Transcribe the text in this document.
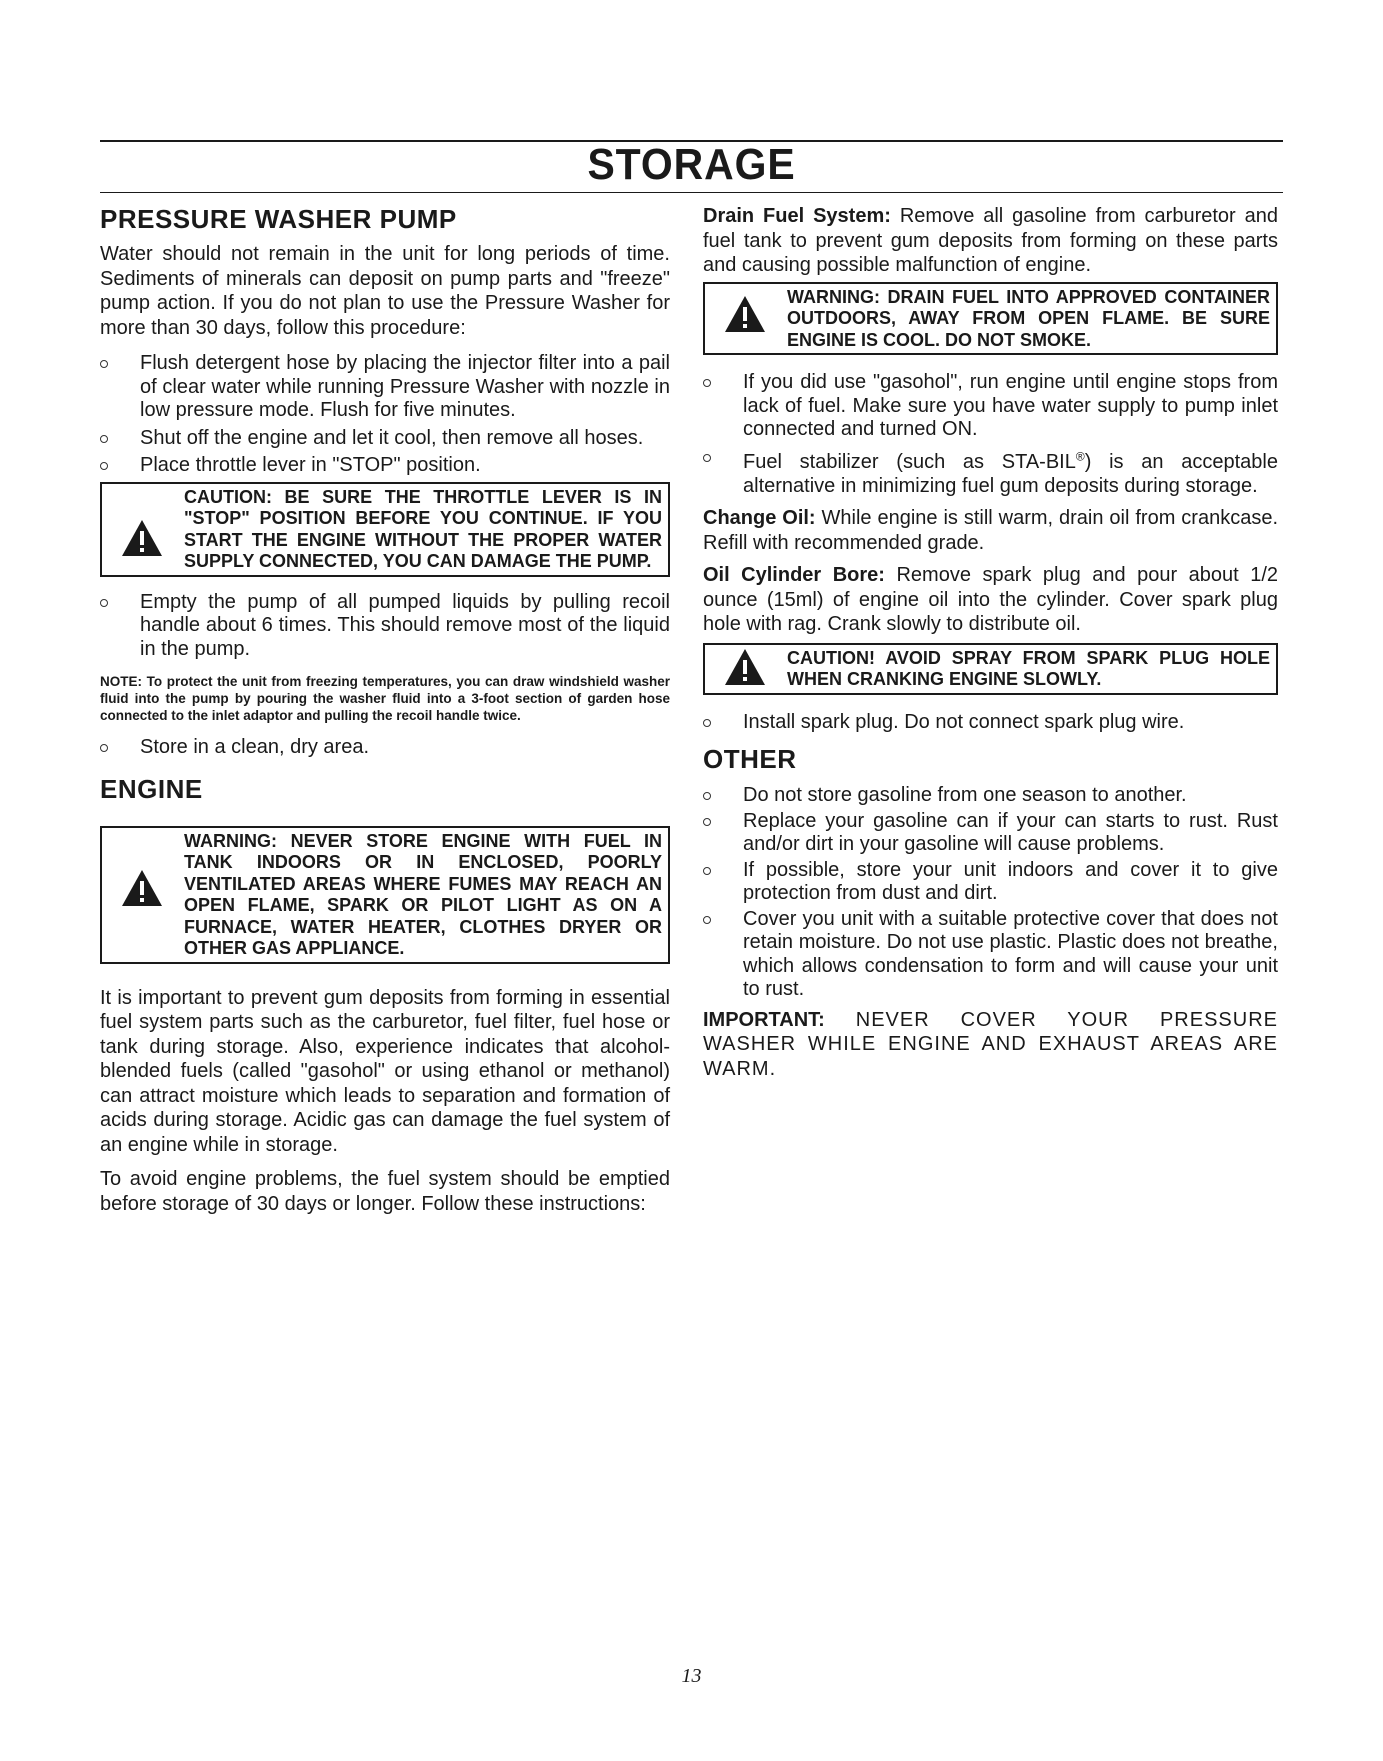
STORAGE
PRESSURE WASHER PUMP

Water should not remain in the unit for long periods of time. Sediments of minerals can deposit on pump parts and "freeze" pump action. If you do not plan to use the Pressure Washer for more than 30 days, follow this procedure:

Flush detergent hose by placing the injector filter into a pail of clear water while running Pressure Washer with nozzle in low pressure mode. Flush for five minutes.
Shut off the engine and let it cool, then remove all hoses.
Place throttle lever in "STOP" position.
CAUTION: BE SURE THE THROTTLE LEVER IS IN "STOP" POSITION BEFORE YOU CONTINUE. IF YOU START THE ENGINE WITHOUT THE PROPER WATER SUPPLY CONNECTED, YOU CAN DAMAGE THE PUMP.
Empty the pump of all pumped liquids by pulling recoil handle about 6 times. This should remove most of the liquid in the pump.

NOTE: To protect the unit from freezing temperatures, you can draw windshield washer fluid into the pump by pouring the washer fluid into a 3-foot section of garden hose connected to the inlet adaptor and pulling the recoil handle twice.

Store in a clean, dry area.
ENGINE
WARNING: NEVER STORE ENGINE WITH FUEL IN TANK INDOORS OR IN ENCLOSED, POORLY VENTILATED AREAS WHERE FUMES MAY REACH AN OPEN FLAME, SPARK OR PILOT LIGHT AS ON A FURNACE, WATER HEATER, CLOTHES DRYER OR OTHER GAS APPLIANCE.

It is important to prevent gum deposits from forming in essential fuel system parts such as the carburetor, fuel filter, fuel hose or tank during storage. Also, experience indicates that alcohol-blended fuels (called "gasohol" or using ethanol or methanol) can attract moisture which leads to separation and formation of acids during storage. Acidic gas can damage the fuel system of an engine while in storage.

To avoid engine problems, the fuel system should be emptied before storage of 30 days or longer. Follow these instructions:

Drain Fuel System: Remove all gasoline from carburetor and fuel tank to prevent gum deposits from forming on these parts and causing possible malfunction of engine.

WARNING: DRAIN FUEL INTO APPROVED CONTAINER OUTDOORS, AWAY FROM OPEN FLAME. BE SURE ENGINE IS COOL. DO NOT SMOKE.
If you did use "gasohol", run engine until engine stops from lack of fuel. Make sure you have water supply to pump inlet connected and turned ON.
Fuel stabilizer (such as STA-BIL®) is an acceptable alternative in minimizing fuel gum deposits during storage.

Change Oil: While engine is still warm, drain oil from crankcase. Refill with recommended grade.

Oil Cylinder Bore: Remove spark plug and pour about 1/2 ounce (15ml) of engine oil into the cylinder. Cover spark plug hole with rag. Crank slowly to distribute oil.

CAUTION! AVOID SPRAY FROM SPARK PLUG HOLE WHEN CRANKING ENGINE SLOWLY.
Install spark plug. Do not connect spark plug wire.
OTHER
Do not store gasoline from one season to another.
Replace your gasoline can if your can starts to rust. Rust and/or dirt in your gasoline will cause problems.
If possible, store your unit indoors and cover it to give protection from dust and dirt.
Cover you unit with a suitable protective cover that does not retain moisture. Do not use plastic. Plastic does not breathe, which allows condensation to form and will cause your unit to rust.

IMPORTANT: NEVER COVER YOUR PRESSURE WASHER WHILE ENGINE AND EXHAUST AREAS ARE WARM.

13
